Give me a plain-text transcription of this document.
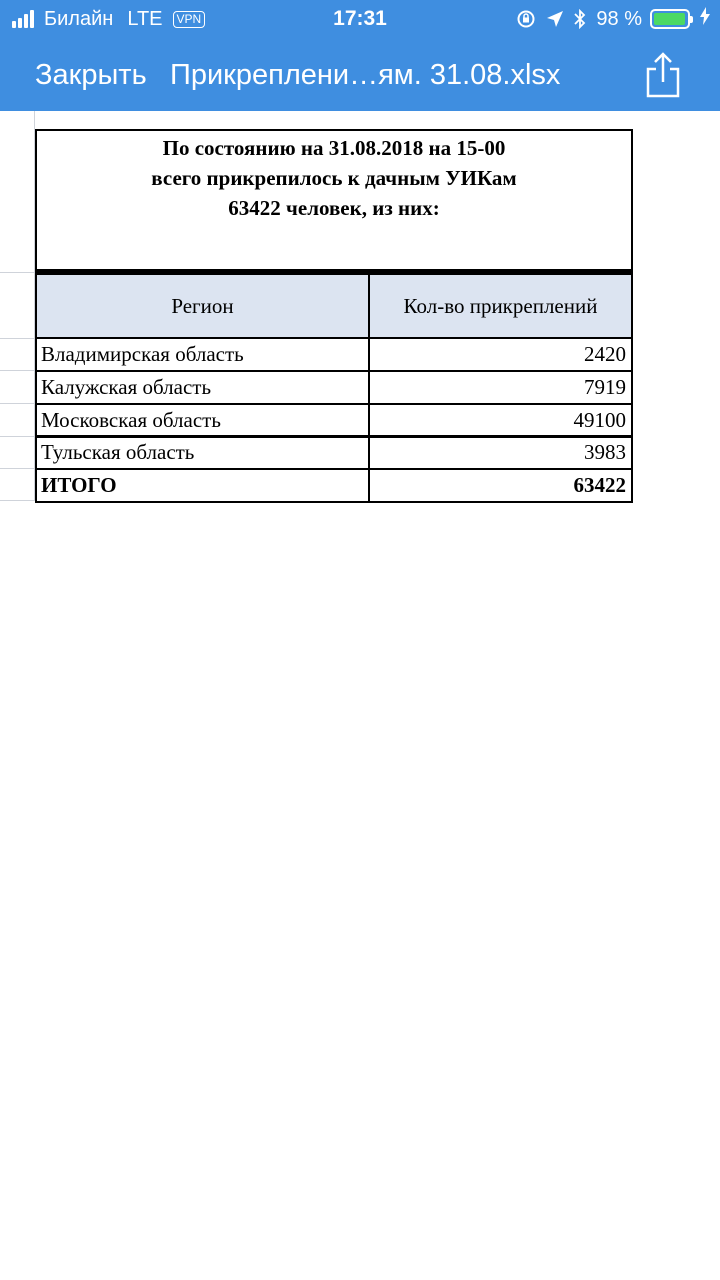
Билайн LTE	VPN	17:31	98 %
Закрыть Прикреплени…ям. 31.08.xlsx
По состоянию на 31.08.2018 на 15-00
всего прикрепилось к дачным УИКам
63422 человек, из них:
Регион	Кол-во прикреплений
Владимирская область	2420
Калужская область	7919
Московская область	49100
Тульская область	3983
ИТОГО	63422
